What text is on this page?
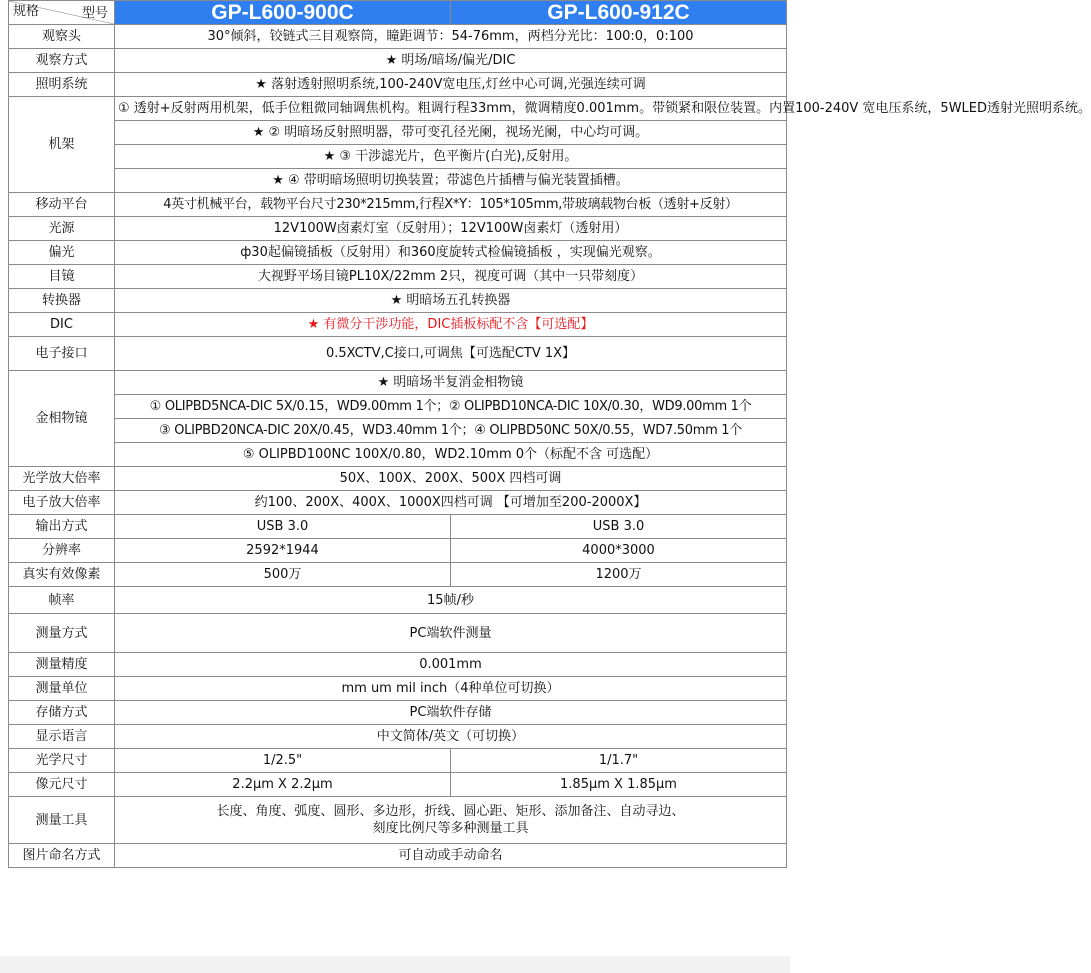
型号
规格	GP-L600-900C	GP-L600-912C
观察头	30°倾斜，铰链式三目观察筒，瞳距调节：54-76mm，两档分光比：100:0，0:100	
观察方式	★ 明场/暗场/偏光/DIC	
照明系统	★ 落射透射照明系统,100-240V宽电压,灯丝中心可调,光强连续可调	
机架	① 透射+反射两用机架，低手位粗微同轴调焦机构。粗调行程33mm，微调精度0.001mm。带锁紧和限位装置。内置100-240V 宽电压系统，5WLED透射光照明系统。	
	★ ② 明暗场反射照明器，带可变孔径光阑，视场光阑，中心均可调。	
	★ ③ 干涉滤光片，色平衡片(白光),反射用。	
	★ ④ 带明暗场照明切换装置；带滤色片插槽与偏光装置插槽。	
移动平台	4英寸机械平台，载物平台尺寸230*215mm,行程X*Y：105*105mm,带玻璃载物台板（透射+反射）	
光源	12V100W卤素灯室（反射用）；12V100W卤素灯（透射用）	
偏光	ф30起偏镜插板（反射用）和360度旋转式检偏镜插板 ，实现偏光观察。	
目镜	大视野平场目镜PL10X/22mm 2只，视度可调（其中一只带刻度）	
转换器	★ 明暗场五孔转换器	
DIC	★ 有微分干涉功能，DIC插板标配不含【可选配】	
电子接口	0.5XCTV,C接口,可调焦【可选配CTV 1X】	
金相物镜	★ 明暗场半复消金相物镜	
	① OLIPBD5NCA-DIC 5X/0.15，WD9.00mm 1个；② OLIPBD10NCA-DIC 10X/0.30，WD9.00mm 1个	
	③ OLIPBD20NCA-DIC 20X/0.45，WD3.40mm 1个；④ OLIPBD50NC 50X/0.55，WD7.50mm 1个	
	⑤ OLIPBD100NC 100X/0.80，WD2.10mm 0个（标配不含 可选配）	
光学放大倍率	50X、100X、200X、500X 四档可调	
电子放大倍率	约100、200X、400X、1000X四档可调 【可增加至200-2000X】	
输出方式	USB 3.0	USB 3.0
分辨率	2592*1944	4000*3000
真实有效像素	500万	1200万
帧率	15帧/秒	
测量方式	PC端软件测量	
测量精度	0.001mm	
测量单位	mm um mil inch（4种单位可切换）	
存储方式	PC端软件存储	
显示语言	中文简体/英文（可切换）	
光学尺寸	1/2.5"	1/1.7"
像元尺寸	2.2μm X 2.2μm	1.85μm X 1.85μm
测量工具	长度、角度、弧度、圆形、多边形，折线、圆心距、矩形、添加备注、自动寻边、
刻度比例尺等多种测量工具	

图片命名方式	可自动或手动命名	
